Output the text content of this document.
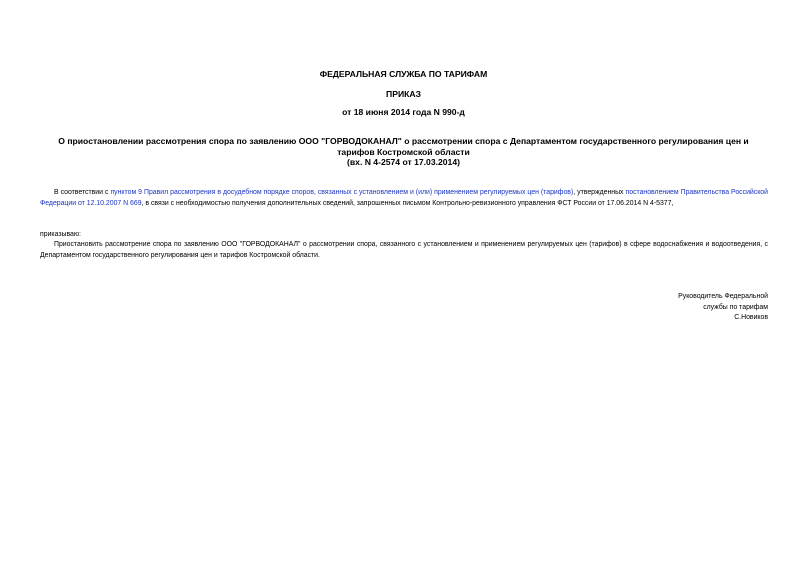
ФЕДЕРАЛЬНАЯ СЛУЖБА ПО ТАРИФАМ

ПРИКАЗ

от 18 июня 2014 года N 990-д

О приостановлении рассмотрения спора по заявлению ООО "ГОРВОДОКАНАЛ" о рассмотрении спора с Департаментом государственного регулирования цен и
тарифов Костромской области
(вх. N 4-2574 от 17.03.2014)

В соответствии с пунктом 9 Правил рассмотрения в досудебном порядке споров, связанных с установлением и (или) применением регулируемых цен (тарифов), утвержденных постановлением Правительства Российской Федерации от 12.10.2007 N 669, в связи с необходимостью получения дополнительных сведений, запрошенных письмом Контрольно-ревизионного управления ФСТ России от 17.06.2014 N 4-5377,

приказываю:

Приостановить рассмотрение спора по заявлению ООО "ГОРВОДОКАНАЛ" о рассмотрении спора, связанного с установлением и применением регулируемых цен (тарифов) в сфере водоснабжения и водоотведения, с Департаментом государственного регулирования цен и тарифов Костромской области.

Руководитель Федеральной
службы по тарифам
С.Новиков
